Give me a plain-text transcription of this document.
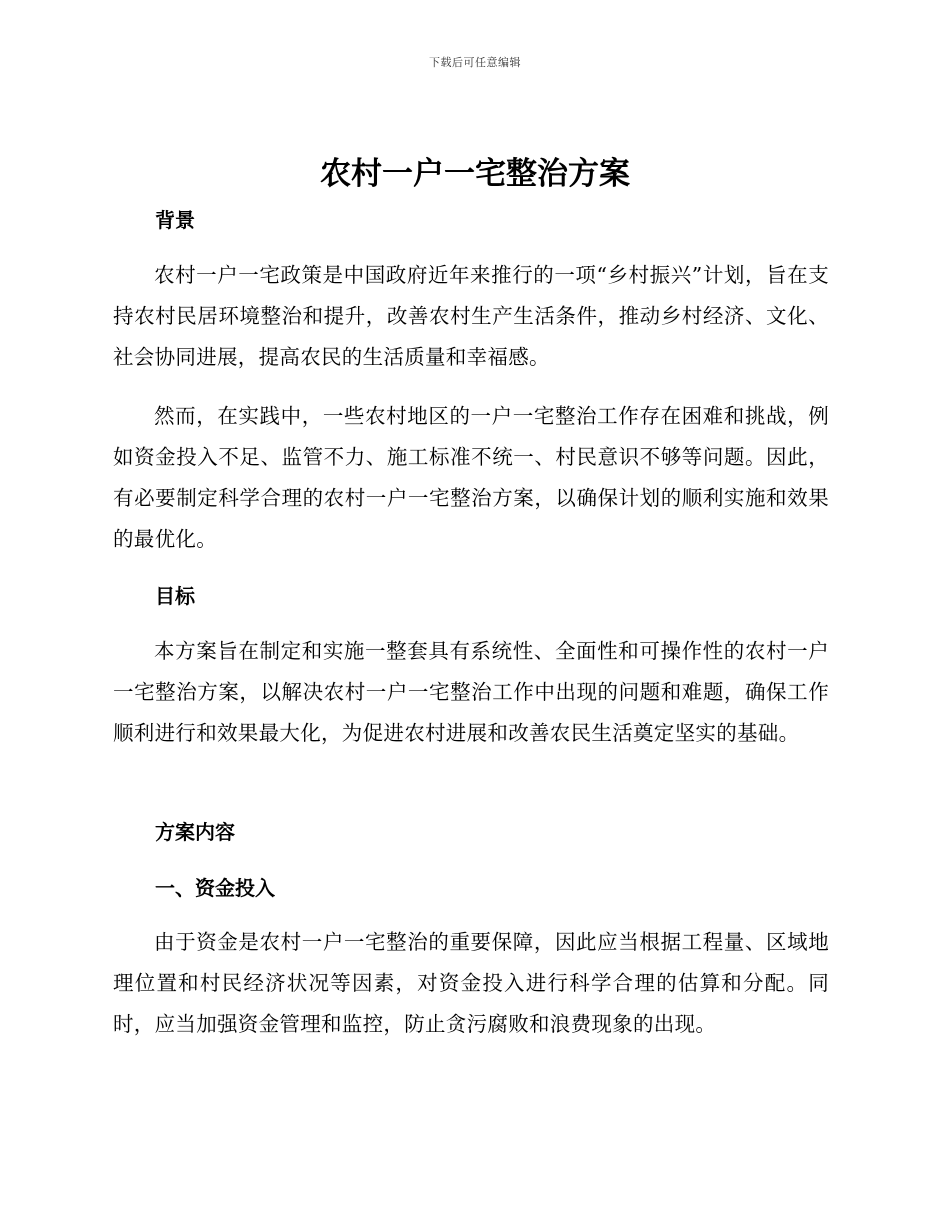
下载后可任意编辑
农村一户一宅整治方案
背景

农村一户一宅政策是中国政府近年来推行的一项“乡村振兴”计划，旨在支持农村民居环境整治和提升，改善农村生产生活条件，推动乡村经济、文化、社会协同进展，提高农民的生活质量和幸福感。

然而，在实践中，一些农村地区的一户一宅整治工作存在困难和挑战，例如资金投入不足、监管不力、施工标准不统一、村民意识不够等问题。因此，有必要制定科学合理的农村一户一宅整治方案，以确保计划的顺利实施和效果的最优化。

目标

本方案旨在制定和实施一整套具有系统性、全面性和可操作性的农村一户一宅整治方案，以解决农村一户一宅整治工作中出现的问题和难题，确保工作顺利进行和效果最大化，为促进农村进展和改善农民生活奠定坚实的基础。

方案内容
一、资金投入

由于资金是农村一户一宅整治的重要保障，因此应当根据工程量、区域地理位置和村民经济状况等因素，对资金投入进行科学合理的估算和分配。同时，应当加强资金管理和监控，防止贪污腐败和浪费现象的出现。
